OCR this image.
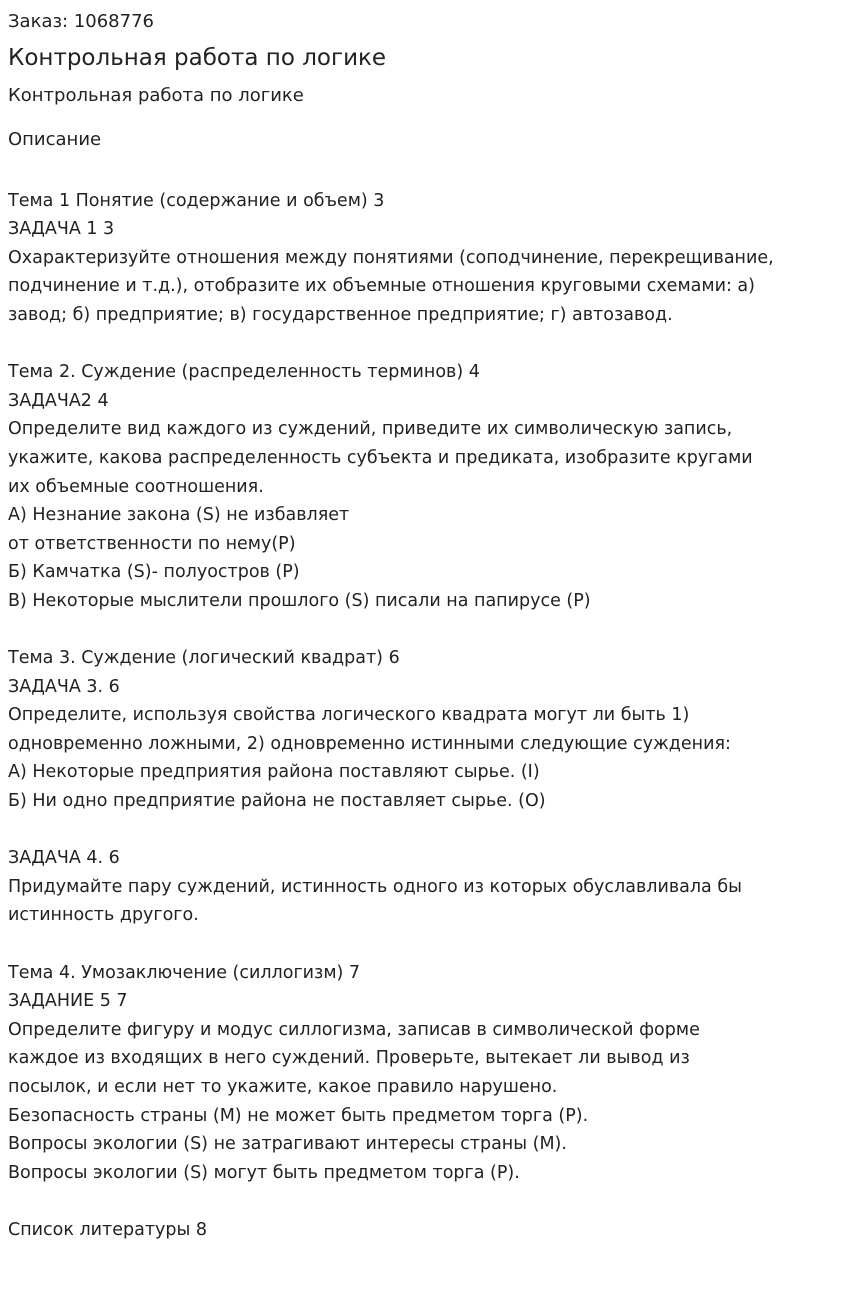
Заказ: 1068776
Контрольная работа по логике
Контрольная работа по логике
Описание
Тема 1 Понятие (содержание и объем) 3
ЗАДАЧА 1 3
Охарактеризуйте отношения между понятиями (соподчинение, перекрещивание,
подчинение и т.д.), отобразите их объемные отношения круговыми схемами: а)
завод; б) предприятие; в) государственное предприятие; г) автозавод.
Тема 2. Суждение (распределенность терминов) 4
ЗАДАЧА2 4
Определите вид каждого из суждений, приведите их символическую запись,
укажите, какова распределенность субъекта и предиката, изобразите кругами
их объемные соотношения.
А) Незнание закона (S) не избавляет
от ответственности по нему(Р)
Б) Камчатка (S)- полуостров (Р)
В) Некоторые мыслители прошлого (S) писали на папирусе (Р)
Тема 3. Суждение (логический квадрат) 6
ЗАДАЧА 3. 6
Определите, используя свойства логического квадрата могут ли быть 1)
одновременно ложными, 2) одновременно истинными следующие суждения:
А) Некоторые предприятия района поставляют сырье. (I)
Б) Ни одно предприятие района не поставляет сырье. (О)
ЗАДАЧА 4. 6
Придумайте пару суждений, истинность одного из которых обуславливала бы
истинность другого.
Тема 4. Умозаключение (силлогизм) 7
ЗАДАНИЕ 5 7
Определите фигуру и модус силлогизма, записав в символической форме
каждое из входящих в него суждений. Проверьте, вытекает ли вывод из
посылок, и если нет то укажите, какое правило нарушено.
Безопасность страны (М) не может быть предметом торга (Р).
Вопросы экологии (S) не затрагивают интересы страны (М).
Вопросы экологии (S) могут быть предметом торга (Р).
Список литературы 8
